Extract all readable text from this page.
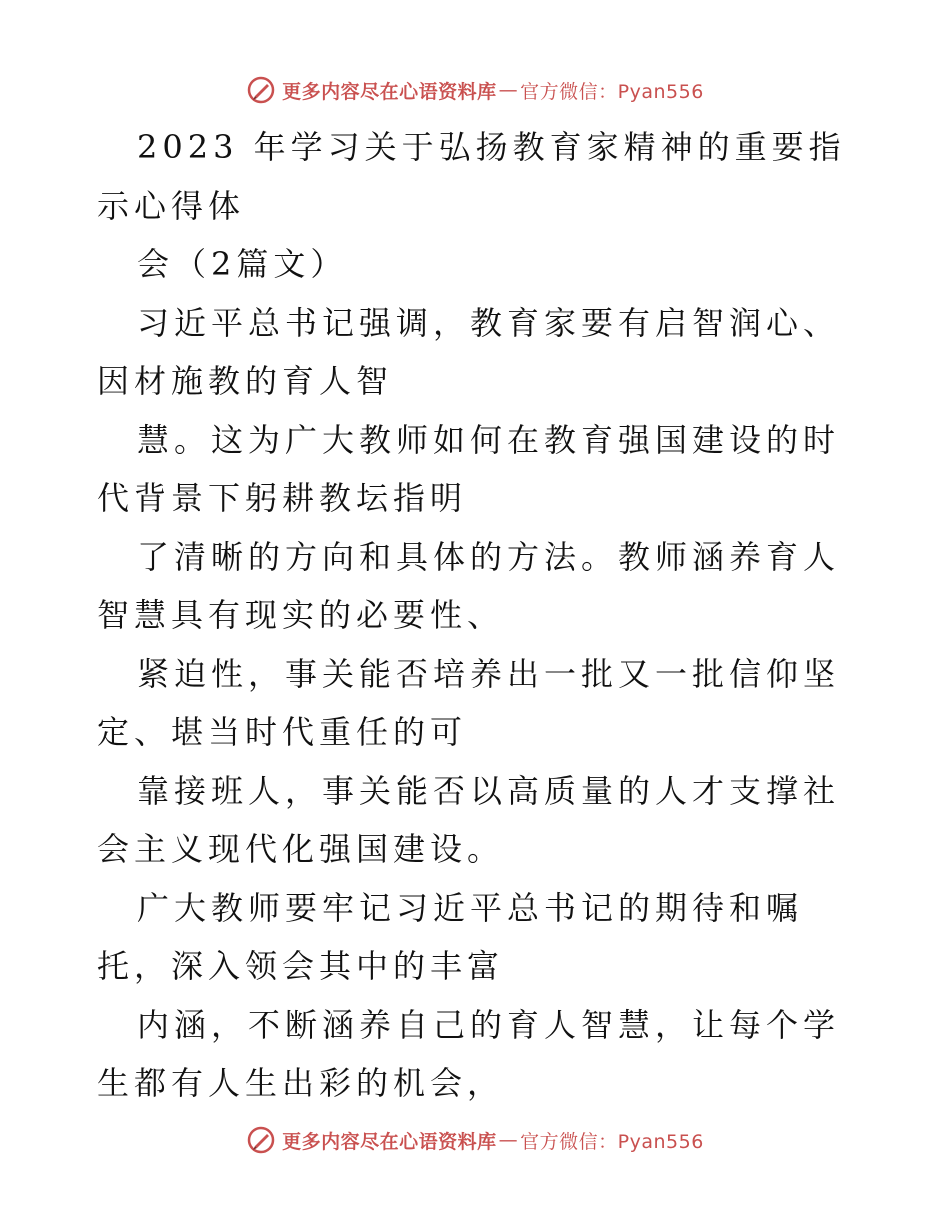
更多内容尽在心语资料库 — 官方微信：Pyan556

2023 年学习关于弘扬教育家精神的重要指示心得体

会（2篇文）

习近平总书记强调，教育家要有启智润心、因材施教的育人智

慧。这为广大教师如何在教育强国建设的时代背景下躬耕教坛指明

了清晰的方向和具体的方法。教师涵养育人智慧具有现实的必要性、

紧迫性，事关能否培养出一批又一批信仰坚定、堪当时代重任的可

靠接班人，事关能否以高质量的人才支撑社会主义现代化强国建设。

广大教师要牢记习近平总书记的期待和嘱托，深入领会其中的丰富

内涵，不断涵养自己的育人智慧，让每个学生都有人生出彩的机会，

更多内容尽在心语资料库 — 官方微信：Pyan556
